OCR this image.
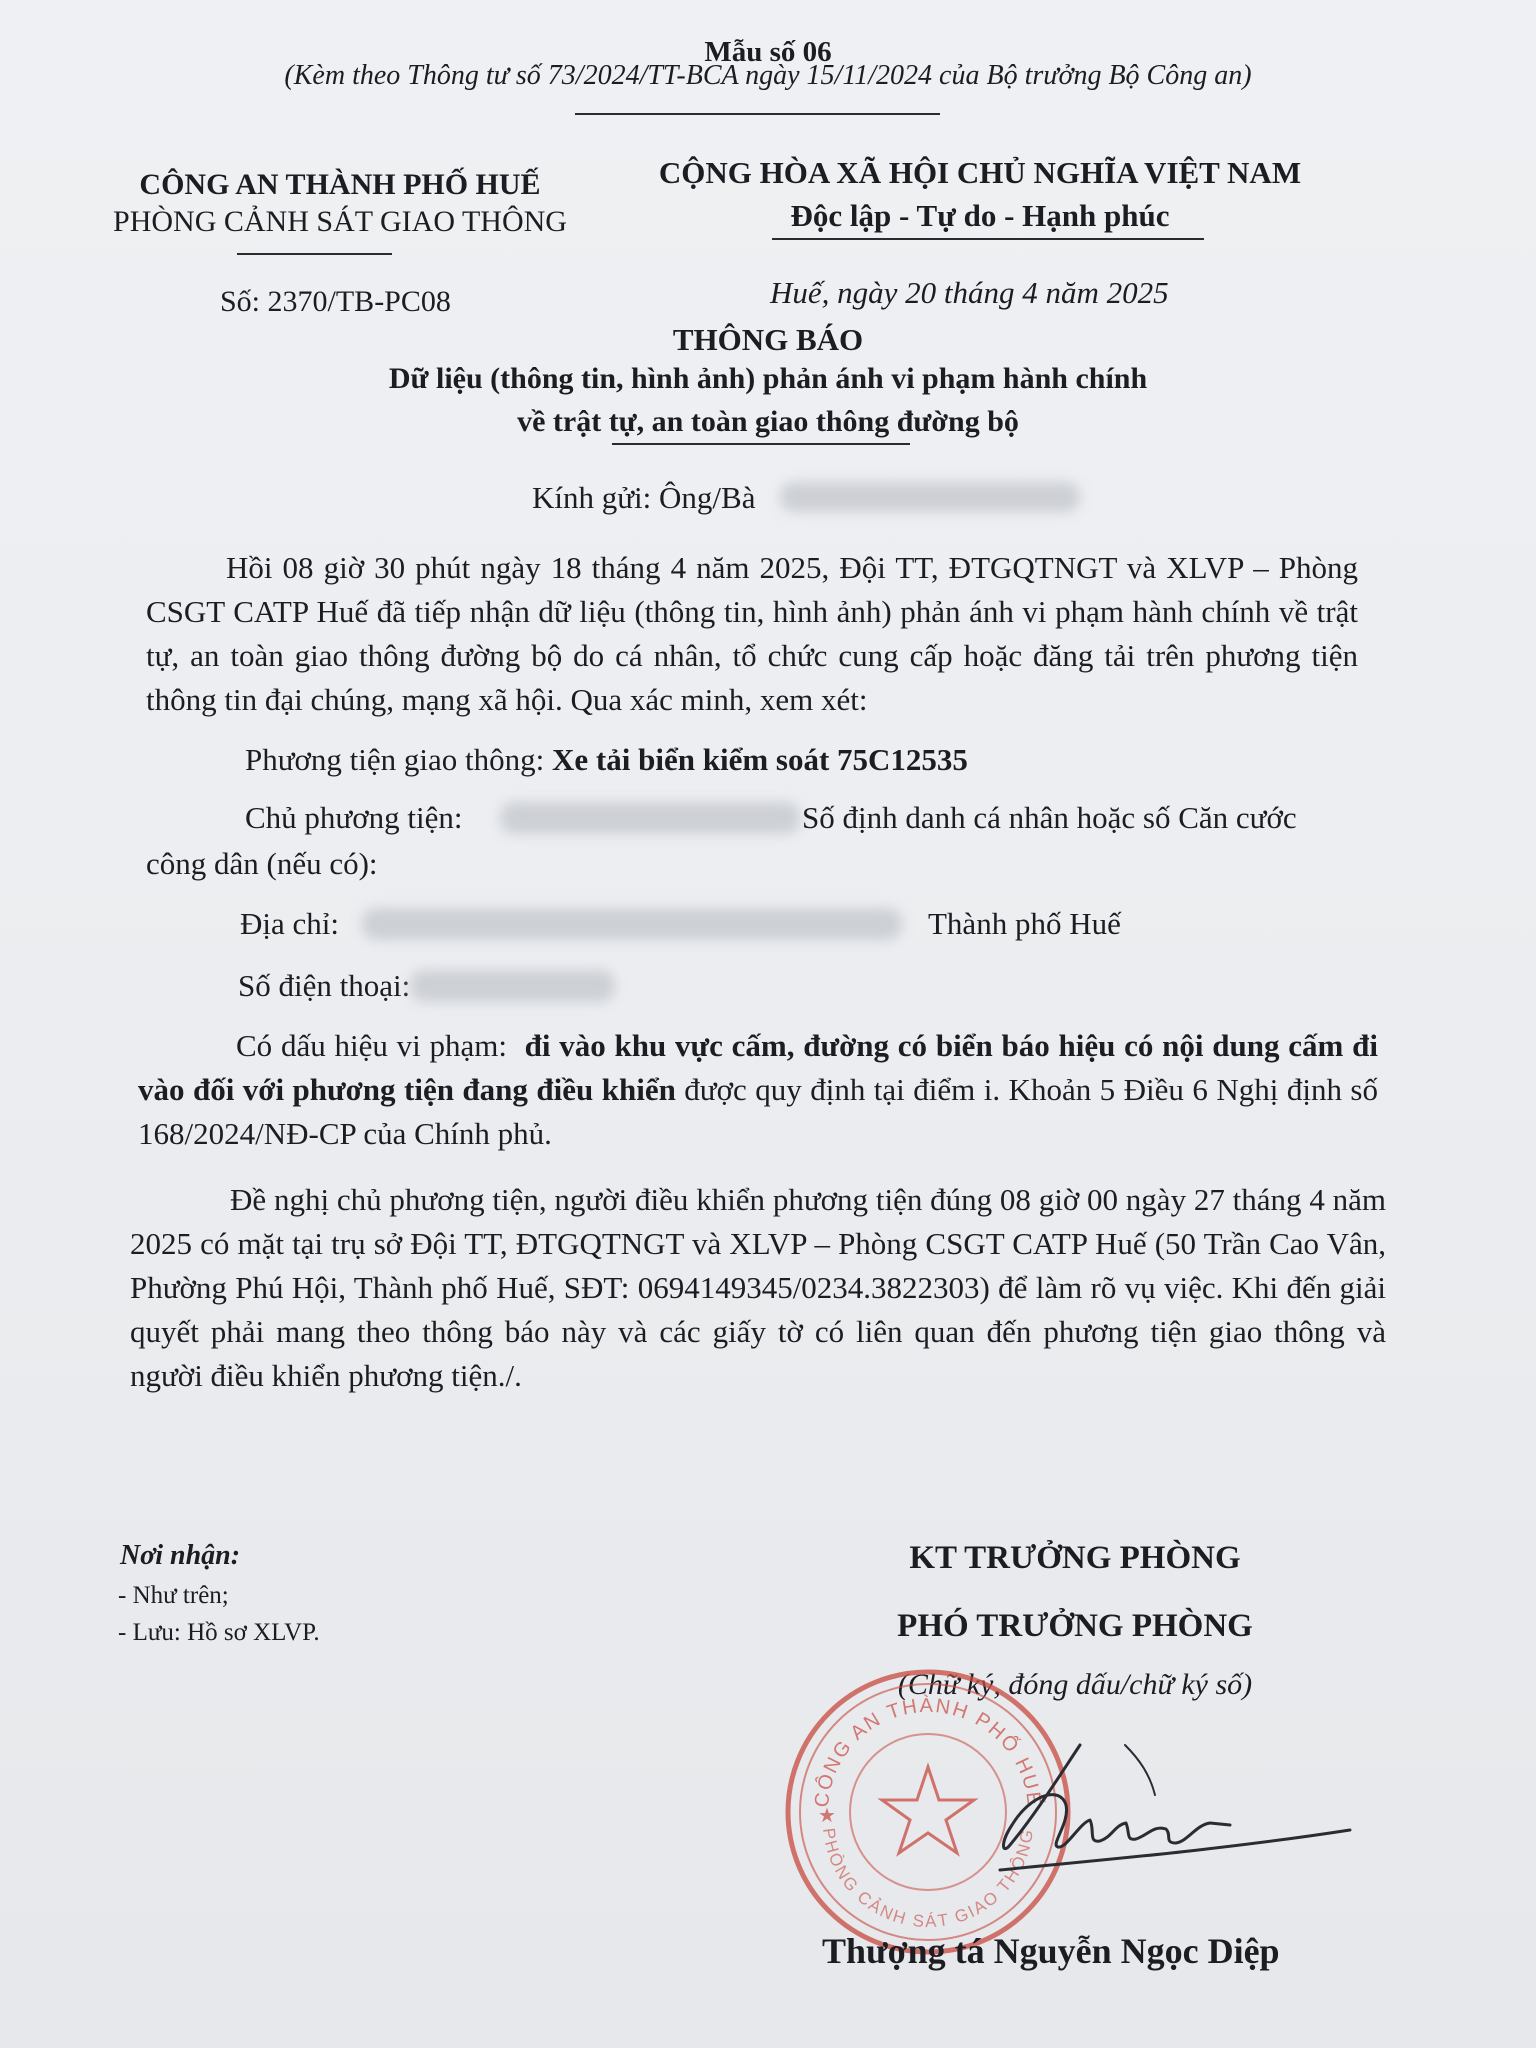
Mẫu số 06
(Kèm theo Thông tư số 73/2024/TT-BCA ngày 15/11/2024 của Bộ trưởng Bộ Công an)
CÔNG AN THÀNH PHỐ HUẾ
PHÒNG CẢNH SÁT GIAO THÔNG
CỘNG HÒA XÃ HỘI CHỦ NGHĨA VIỆT NAM
Độc lập - Tự do - Hạnh phúc
Số: 2370/TB-PC08	Huế, ngày 20 tháng 4 năm 2025
THÔNG BÁO
Dữ liệu (thông tin, hình ảnh) phản ánh vi phạm hành chính
về trật tự, an toàn giao thông đường bộ
Kính gửi: Ông/Bà
Hồi 08 giờ 30 phút ngày 18 tháng 4 năm 2025, Đội TT, ĐTGQTNGT và XLVP – Phòng CSGT CATP Huế đã tiếp nhận dữ liệu (thông tin, hình ảnh) phản ánh vi phạm hành chính về trật tự, an toàn giao thông đường bộ do cá nhân, tổ chức cung cấp hoặc đăng tải trên phương tiện thông tin đại chúng, mạng xã hội. Qua xác minh, xem xét:
Phương tiện giao thông: Xe tải biển kiểm soát 75C12535
Chủ phương tiện:	Số định danh cá nhân hoặc số Căn cước
công dân (nếu có):
Địa chỉ:	Thành phố Huế
Số điện thoại:
Có dấu hiệu vi phạm: đi vào khu vực cấm, đường có biển báo hiệu có nội dung cấm đi vào đối với phương tiện đang điều khiển được quy định tại điểm i. Khoản 5 Điều 6 Nghị định số 168/2024/NĐ-CP của Chính phủ.
Đề nghị chủ phương tiện, người điều khiển phương tiện đúng 08 giờ 00 ngày 27 tháng 4 năm 2025 có mặt tại trụ sở Đội TT, ĐTGQTNGT và XLVP – Phòng CSGT CATP Huế (50 Trần Cao Vân, Phường Phú Hội, Thành phố Huế, SĐT: 0694149345/0234.3822303) để làm rõ vụ việc. Khi đến giải quyết phải mang theo thông báo này và các giấy tờ có liên quan đến phương tiện giao thông và người điều khiển phương tiện./.
Nơi nhận:
- Như trên;
- Lưu: Hồ sơ XLVP.
KT TRƯỞNG PHÒNG
PHÓ TRƯỞNG PHÒNG
(Chữ ký, đóng dấu/chữ ký số)
CÔNG AN THÀNH PHỐ HUẾ
PHÒNG CẢNH SÁT GIAO THÔNG
★
Thượng tá Nguyễn Ngọc Diệp
